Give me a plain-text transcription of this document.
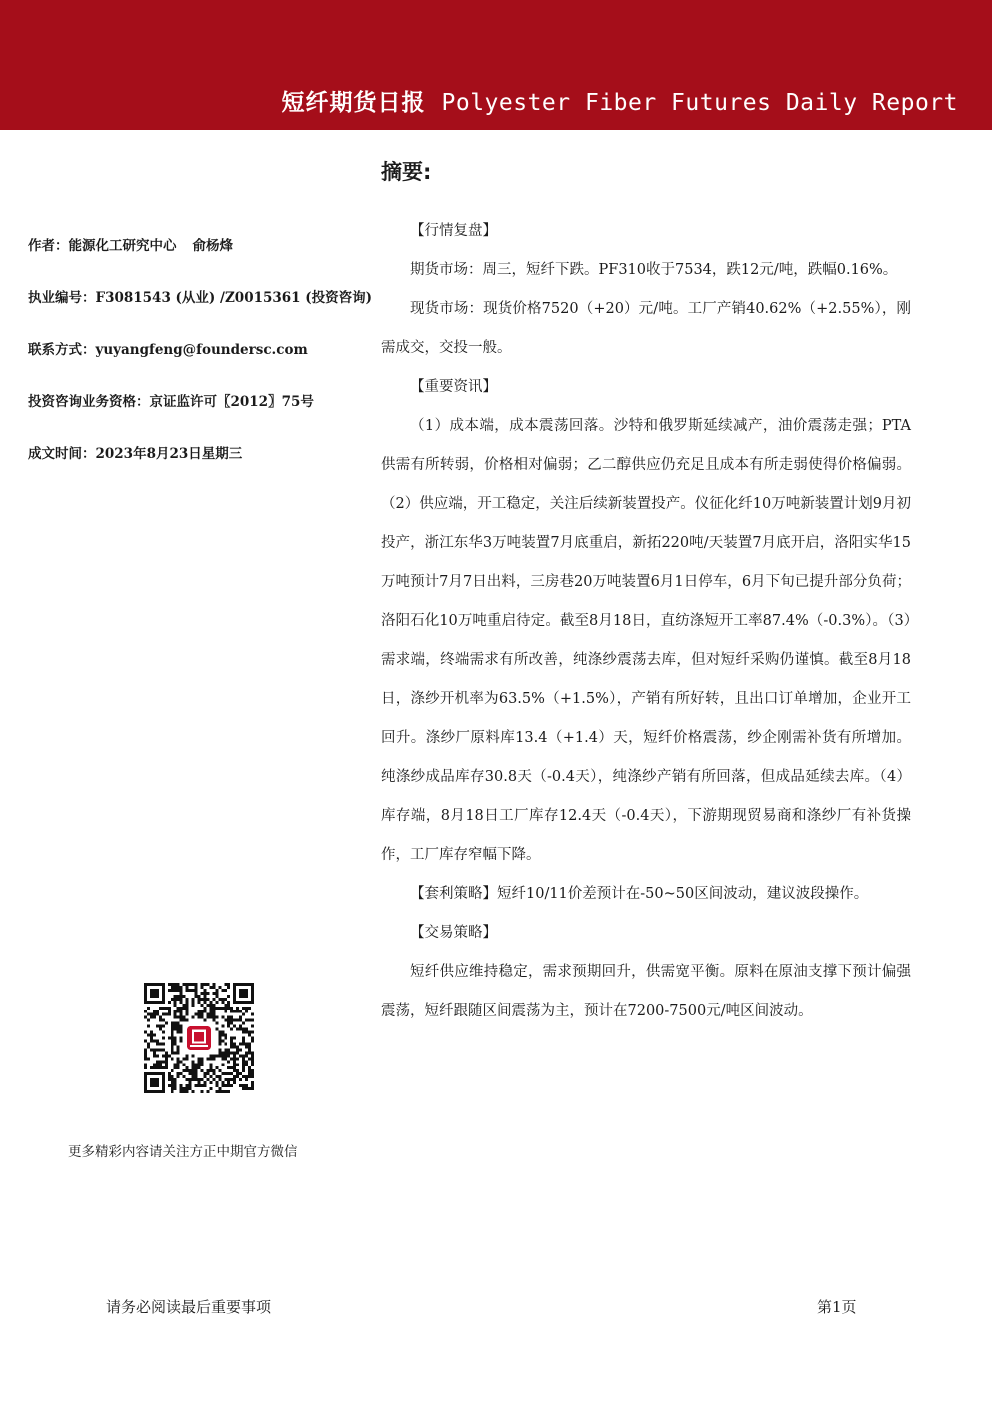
短纤期货日报 Polyester Fiber Futures Daily Report
摘要:
作者：能源化工研究中心 俞杨烽
执业编号：F3081543 (从业) /Z0015361 (投资咨询)
联系方式：yuyangfeng@foundersc.com
投资咨询业务资格：京证监许可〖2012〗75号
成文时间：2023年8月23日星期三

【行情复盘】

期货市场：周三，短纤下跌。PF310收于7534，跌12元/吨，跌幅0.16%。

现货市场：现货价格7520（+20）元/吨。工厂产销40.62%（+2.55%），刚需成交，交投一般。

【重要资讯】

（1）成本端，成本震荡回落。沙特和俄罗斯延续减产，油价震荡走强；PTA供需有所转弱，价格相对偏弱；乙二醇供应仍充足且成本有所走弱使得价格偏弱。（2）供应端，开工稳定，关注后续新装置投产。仪征化纤10万吨新装置计划9月初投产，浙江东华3万吨装置7月底重启，新拓220吨/天装置7月底开启，洛阳实华15万吨预计7月7日出料，三房巷20万吨装置6月1日停车，6月下旬已提升部分负荷；洛阳石化10万吨重启待定。截至8月18日，直纺涤短开工率87.4%（-0.3%）。（3）需求端，终端需求有所改善，纯涤纱震荡去库，但对短纤采购仍谨慎。截至8月18日，涤纱开机率为63.5%（+1.5%），产销有所好转，且出口订单增加，企业开工回升。涤纱厂原料库13.4（+1.4）天，短纤价格震荡，纱企刚需补货有所增加。纯涤纱成品库存30.8天（-0.4天），纯涤纱产销有所回落，但成品延续去库。（4）库存端，8月18日工厂库存12.4天（-0.4天），下游期现贸易商和涤纱厂有补货操作，工厂库存窄幅下降。

【套利策略】短纤10/11价差预计在-50~50区间波动，建议波段操作。

【交易策略】

短纤供应维持稳定，需求预期回升，供需宽平衡。原料在原油支撑下预计偏强震荡，短纤跟随区间震荡为主，预计在7200-7500元/吨区间波动。

更多精彩内容请关注方正中期官方微信
请务必阅读最后重要事项	第1页
